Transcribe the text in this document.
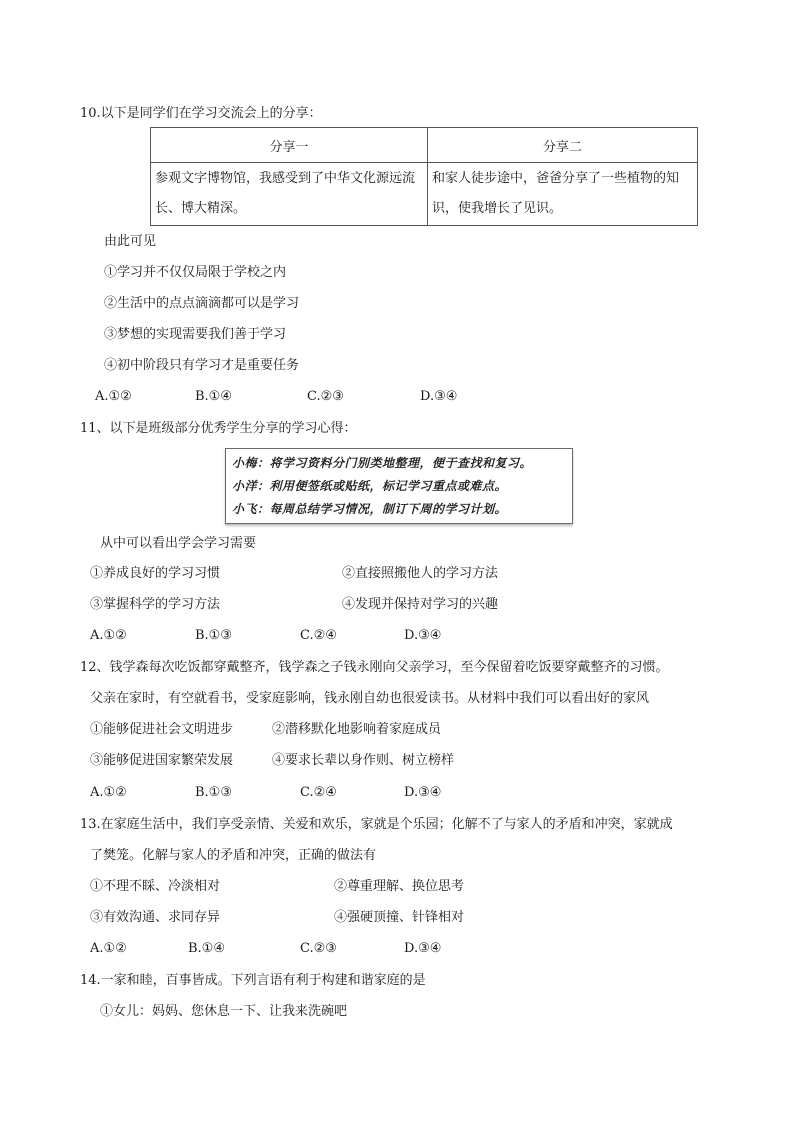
10.以下是同学们在学习交流会上的分享：
分享一	分享二
参观文字博物馆，我感受到了中华文化源远流长、博大精深。	和家人徒步途中，爸爸分享了一些植物的知识，使我增长了见识。
由此可见
①学习并不仅仅局限于学校之内
②生活中的点点滴滴都可以是学习
③梦想的实现需要我们善于学习
④初中阶段只有学习才是重要任务
A.①②	B.①④	C.②③	D.③④
11、以下是班级部分优秀学生分享的学习心得：
小梅：将学习资料分门别类地整理，便于查找和复习。
小洋：利用便签纸或贴纸，标记学习重点或难点。
小飞：每周总结学习情况，制订下周的学习计划。
从中可以看出学会学习需要
①养成良好的学习习惯	②直接照搬他人的学习方法
③掌握科学的学习方法	④发现并保持对学习的兴趣
A.①②	B.①③	C.②④	D.③④
12、钱学森每次吃饭都穿戴整齐，钱学森之子钱永刚向父亲学习，至今保留着吃饭要穿戴整齐的习惯。
父亲在家时，有空就看书，受家庭影响，钱永刚自幼也很爱读书。从材料中我们可以看出好的家风
①能够促进社会文明进步	②潜移默化地影响着家庭成员
③能够促进国家繁荣发展	④要求长辈以身作则、树立榜样
A.①②	B.①③	C.②④	D.③④
13.在家庭生活中，我们享受亲情、关爱和欢乐，家就是个乐园；化解不了与家人的矛盾和冲突，家就成
了樊笼。化解与家人的矛盾和冲突，正确的做法有
①不理不睬、冷淡相对	②尊重理解、换位思考
③有效沟通、求同存异	④强硬顶撞、针锋相对
A.①②	B.①④	C.②③	D.③④
14.一家和睦，百事皆成。下列言语有利于构建和谐家庭的是
①女儿：妈妈、您休息一下、让我来洗碗吧
